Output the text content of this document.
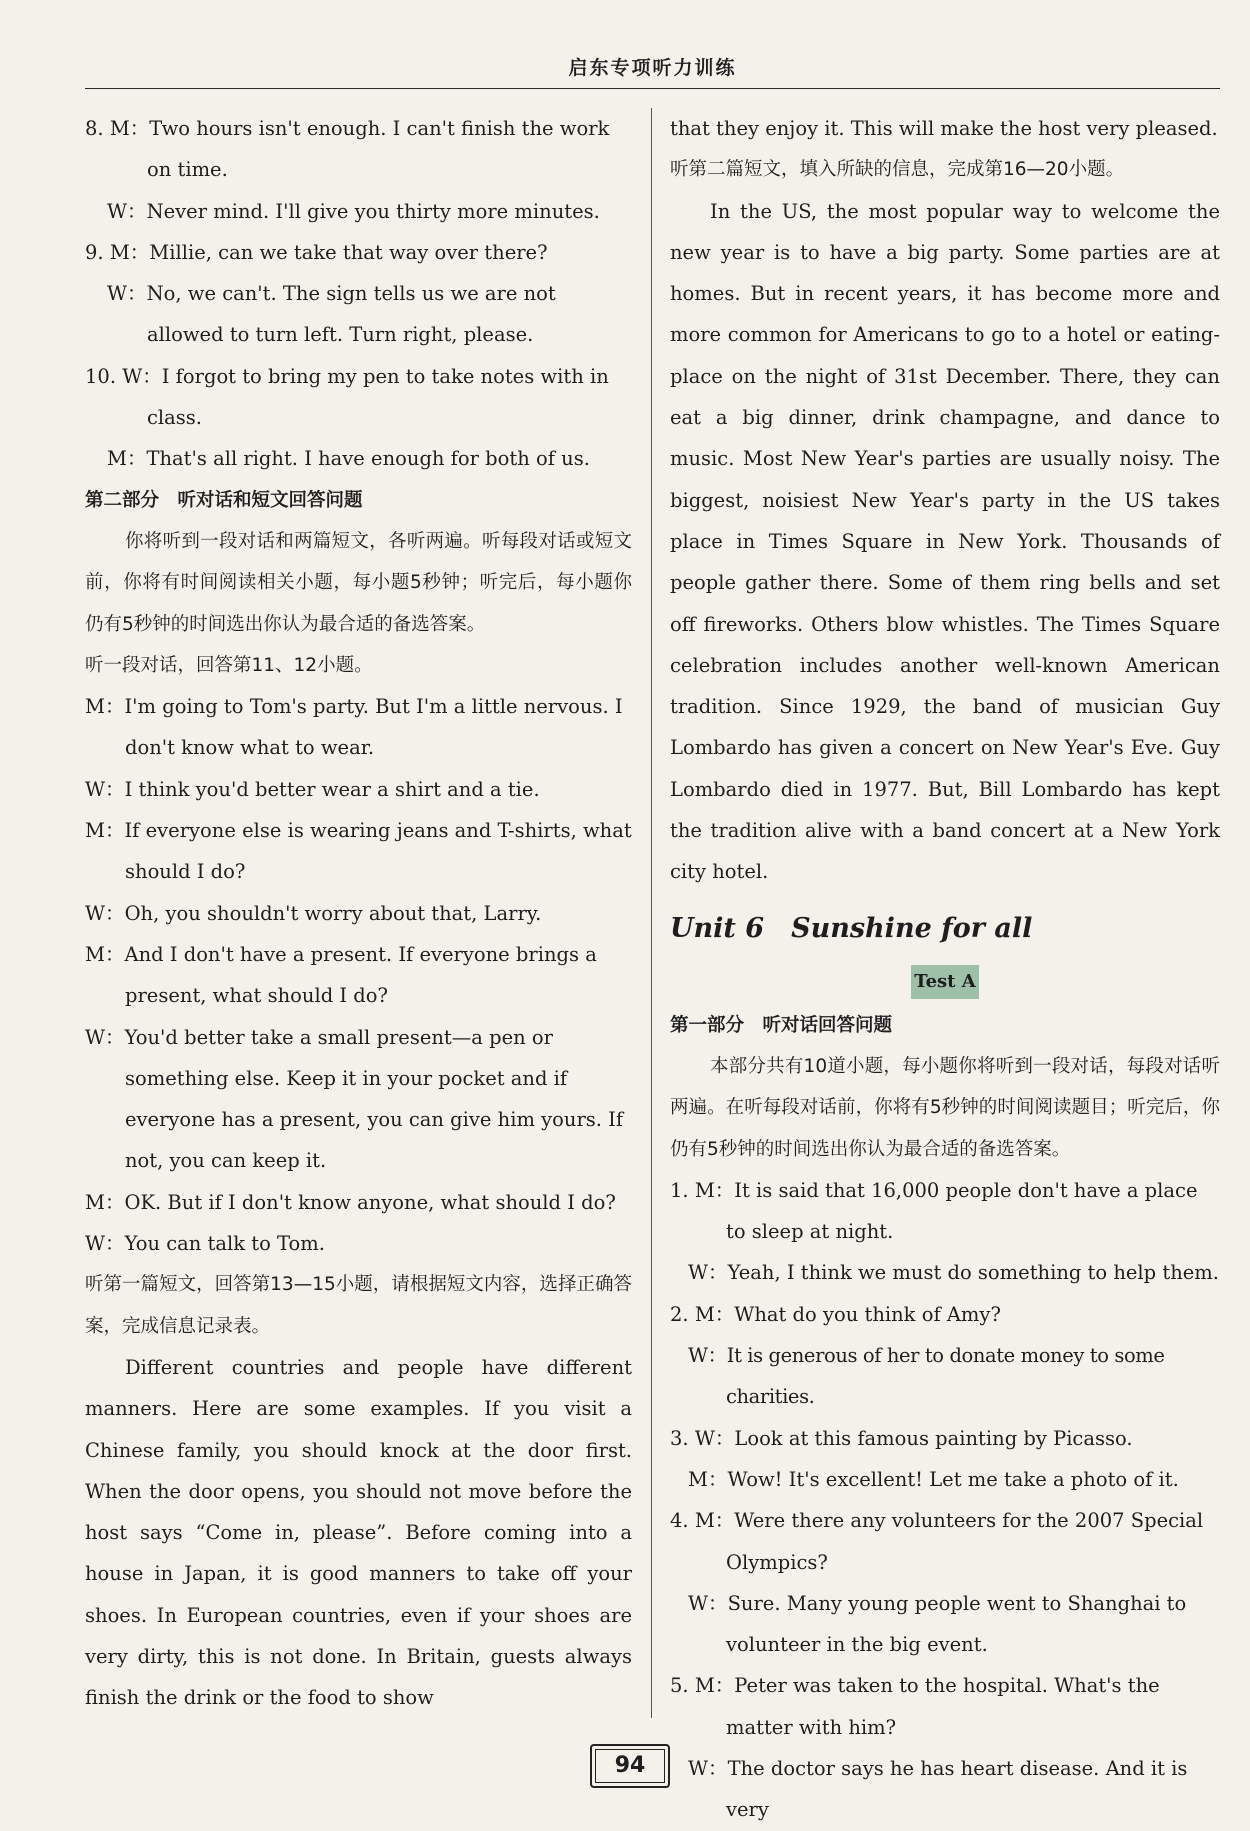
启东专项听力训练
8. M：Two hours isn't enough. I can't finish the work on time.
W：Never mind. I'll give you thirty more minutes.
9. M：Millie, can we take that way over there?
W：No, we can't. The sign tells us we are not allowed to turn left. Turn right, please.
10. W：I forgot to bring my pen to take notes with in class.
M：That's all right. I have enough for both of us.
第二部分　听对话和短文回答问题
你将听到一段对话和两篇短文，各听两遍。听每段对话或短文前，你将有时间阅读相关小题，每小题5秒钟；听完后，每小题你仍有5秒钟的时间选出你认为最合适的备选答案。
听一段对话，回答第11、12小题。
M：I'm going to Tom's party. But I'm a little nervous. I don't know what to wear.
W：I think you'd better wear a shirt and a tie.
M：If everyone else is wearing jeans and T-shirts, what should I do?
W：Oh, you shouldn't worry about that, Larry.
M：And I don't have a present. If everyone brings a present, what should I do?
W：You'd better take a small present—a pen or something else. Keep it in your pocket and if everyone has a present, you can give him yours. If not, you can keep it.
M：OK. But if I don't know anyone, what should I do?
W：You can talk to Tom.
听第一篇短文，回答第13—15小题，请根据短文内容，选择正确答案，完成信息记录表。
Different countries and people have different manners. Here are some examples. If you visit a Chinese family, you should knock at the door first. When the door opens, you should not move before the host says “Come in, please”. Before coming into a house in Japan, it is good manners to take off your shoes. In European countries, even if your shoes are very dirty, this is not done. In Britain, guests always finish the drink or the food to show
that they enjoy it. This will make the host very pleased.
听第二篇短文，填入所缺的信息，完成第16—20小题。
In the US, the most popular way to welcome the new year is to have a big party. Some parties are at homes. But in recent years, it has become more and more common for Americans to go to a hotel or eating-place on the night of 31st December. There, they can eat a big dinner, drink champagne, and dance to music. Most New Year's parties are usually noisy. The biggest, noisiest New Year's party in the US takes place in Times Square in New York. Thousands of people gather there. Some of them ring bells and set off fireworks. Others blow whistles. The Times Square celebration includes another well-known American tradition. Since 1929, the band of musician Guy Lombardo has given a concert on New Year's Eve. Guy Lombardo died in 1977. But, Bill Lombardo has kept the tradition alive with a band concert at a New York city hotel.
Unit 6　Sunshine for all
Test A
第一部分　听对话回答问题
本部分共有10道小题，每小题你将听到一段对话，每段对话听两遍。在听每段对话前，你将有5秒钟的时间阅读题目；听完后，你仍有5秒钟的时间选出你认为最合适的备选答案。
1. M：It is said that 16,000 people don't have a place to sleep at night.
W：Yeah, I think we must do something to help them.
2. M：What do you think of Amy?
W：It is generous of her to donate money to some charities.
3. W：Look at this famous painting by Picasso.
M：Wow! It's excellent! Let me take a photo of it.
4. M：Were there any volunteers for the 2007 Special Olympics?
W：Sure. Many young people went to Shanghai to volunteer in the big event.
5. M：Peter was taken to the hospital. What's the matter with him?
W：The doctor says he has heart disease. And it is very
94
